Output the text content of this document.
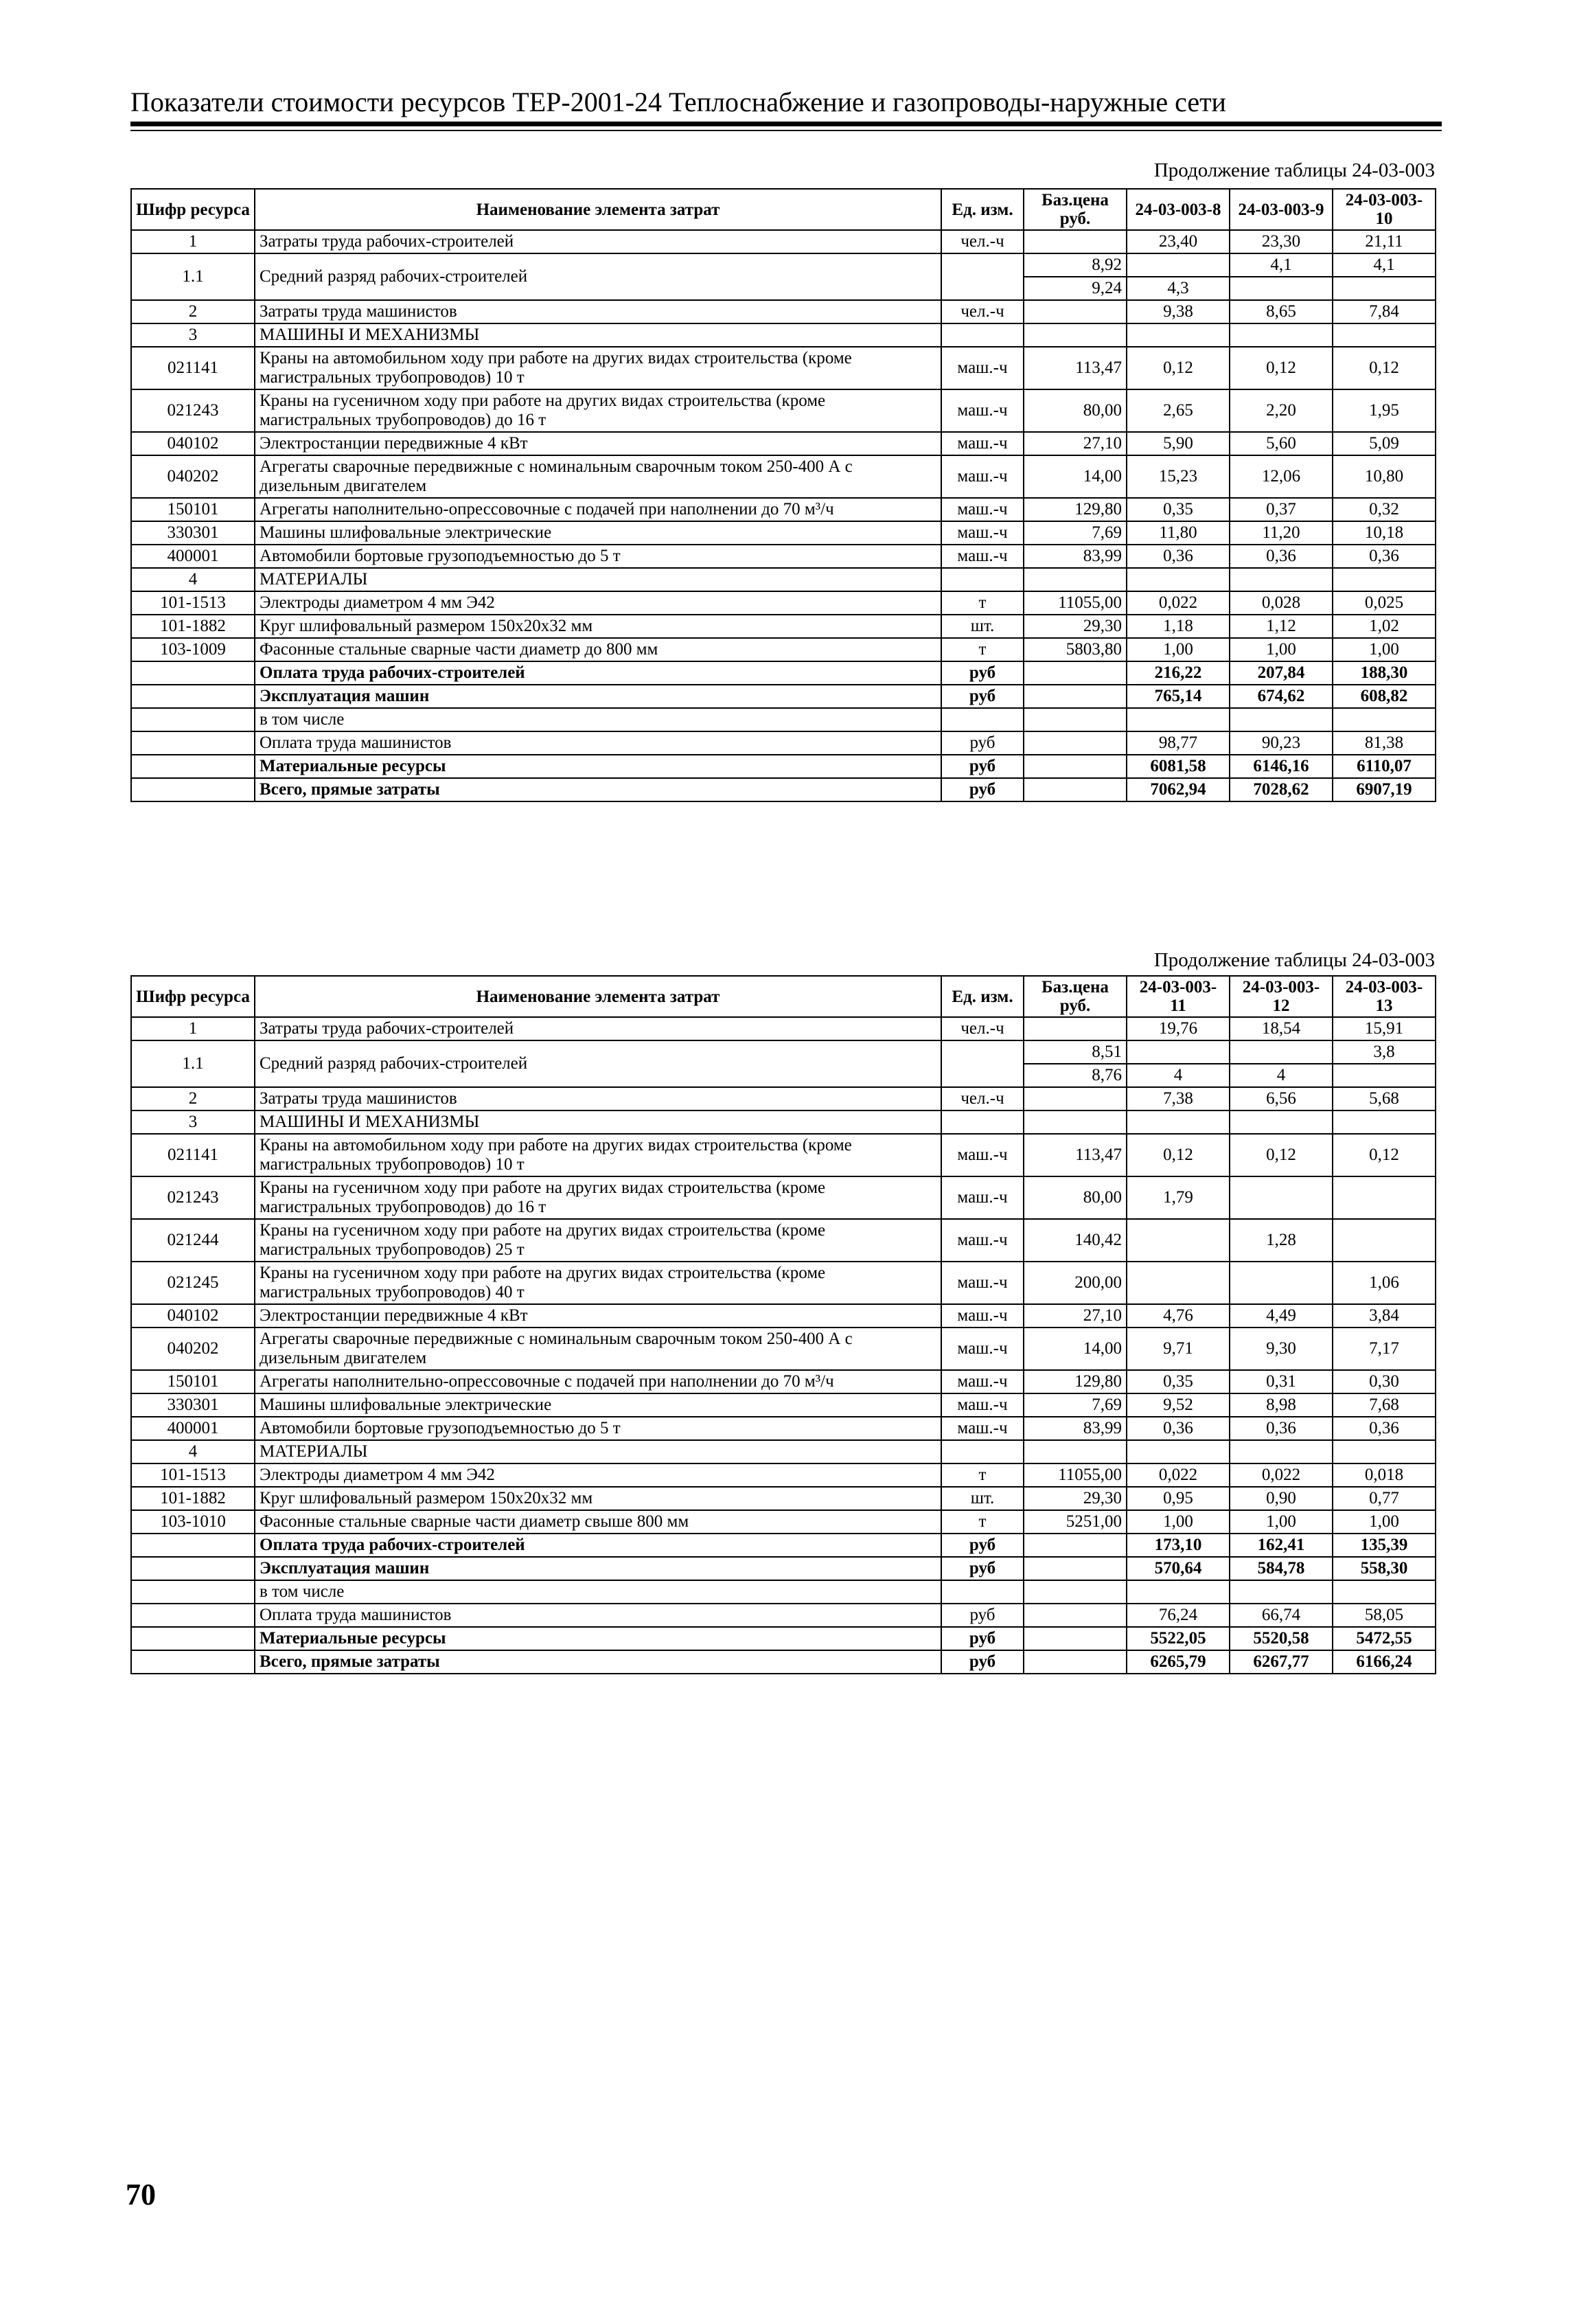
Показатели стоимости ресурсов ТЕР-2001-24 Теплоснабжение и газопроводы-наружные сети
Продолжение таблицы 24-03-003
Шифр ресурса	Наименование элемента затрат	Ед. изм.	Баз.цена руб.	24-03-003-8	24-03-003-9	24-03-003-10
1	Затраты труда рабочих-строителей	чел.-ч		23,40	23,30	21,11
1.1	Средний разряд рабочих-строителей		8,92		4,1	4,1
			9,24	4,3		
2	Затраты труда машинистов	чел.-ч		9,38	8,65	7,84
3	МАШИНЫ И МЕХАНИЗМЫ					
021141	Краны на автомобильном ходу при работе на других видах строительства (кроме магистральных трубопроводов) 10 т	маш.-ч	113,47	0,12	0,12	0,12
021243	Краны на гусеничном ходу при работе на других видах строительства (кроме магистральных трубопроводов) до 16 т	маш.-ч	80,00	2,65	2,20	1,95
040102	Электростанции передвижные 4 кВт	маш.-ч	27,10	5,90	5,60	5,09
040202	Агрегаты сварочные передвижные с номинальным сварочным током 250-400 А с дизельным двигателем	маш.-ч	14,00	15,23	12,06	10,80
150101	Агрегаты наполнительно-опрессовочные с подачей при наполнении до 70 м³/ч	маш.-ч	129,80	0,35	0,37	0,32
330301	Машины шлифовальные электрические	маш.-ч	7,69	11,80	11,20	10,18
400001	Автомобили бортовые грузоподъемностью до 5 т	маш.-ч	83,99	0,36	0,36	0,36
4	МАТЕРИАЛЫ					
101-1513	Электроды диаметром 4 мм Э42	т	11055,00	0,022	0,028	0,025
101-1882	Круг шлифовальный размером 150х20х32 мм	шт.	29,30	1,18	1,12	1,02
103-1009	Фасонные стальные сварные части диаметр до 800 мм	т	5803,80	1,00	1,00	1,00
	Оплата труда рабочих-строителей	руб		216,22	207,84	188,30
	Эксплуатация машин	руб		765,14	674,62	608,82
	в том числе					
	Оплата труда машинистов	руб		98,77	90,23	81,38
	Материальные ресурсы	руб		6081,58	6146,16	6110,07
	Всего, прямые затраты	руб		7062,94	7028,62	6907,19
Продолжение таблицы 24-03-003
Шифр ресурса	Наименование элемента затрат	Ед. изм.	Баз.цена руб.	24-03-003-11	24-03-003-12	24-03-003-13
1	Затраты труда рабочих-строителей	чел.-ч		19,76	18,54	15,91
1.1	Средний разряд рабочих-строителей		8,51			3,8
			8,76	4	4	
2	Затраты труда машинистов	чел.-ч		7,38	6,56	5,68
3	МАШИНЫ И МЕХАНИЗМЫ					
021141	Краны на автомобильном ходу при работе на других видах строительства (кроме магистральных трубопроводов) 10 т	маш.-ч	113,47	0,12	0,12	0,12
021243	Краны на гусеничном ходу при работе на других видах строительства (кроме магистральных трубопроводов) до 16 т	маш.-ч	80,00	1,79		
021244	Краны на гусеничном ходу при работе на других видах строительства (кроме магистральных трубопроводов) 25 т	маш.-ч	140,42		1,28	
021245	Краны на гусеничном ходу при работе на других видах строительства (кроме магистральных трубопроводов) 40 т	маш.-ч	200,00			1,06
040102	Электростанции передвижные 4 кВт	маш.-ч	27,10	4,76	4,49	3,84
040202	Агрегаты сварочные передвижные с номинальным сварочным током 250-400 А с дизельным двигателем	маш.-ч	14,00	9,71	9,30	7,17
150101	Агрегаты наполнительно-опрессовочные с подачей при наполнении до 70 м³/ч	маш.-ч	129,80	0,35	0,31	0,30
330301	Машины шлифовальные электрические	маш.-ч	7,69	9,52	8,98	7,68
400001	Автомобили бортовые грузоподъемностью до 5 т	маш.-ч	83,99	0,36	0,36	0,36
4	МАТЕРИАЛЫ					
101-1513	Электроды диаметром 4 мм Э42	т	11055,00	0,022	0,022	0,018
101-1882	Круг шлифовальный размером 150х20х32 мм	шт.	29,30	0,95	0,90	0,77
103-1010	Фасонные стальные сварные части диаметр свыше 800 мм	т	5251,00	1,00	1,00	1,00
	Оплата труда рабочих-строителей	руб		173,10	162,41	135,39
	Эксплуатация машин	руб		570,64	584,78	558,30
	в том числе					
	Оплата труда машинистов	руб		76,24	66,74	58,05
	Материальные ресурсы	руб		5522,05	5520,58	5472,55
	Всего, прямые затраты	руб		6265,79	6267,77	6166,24
70
